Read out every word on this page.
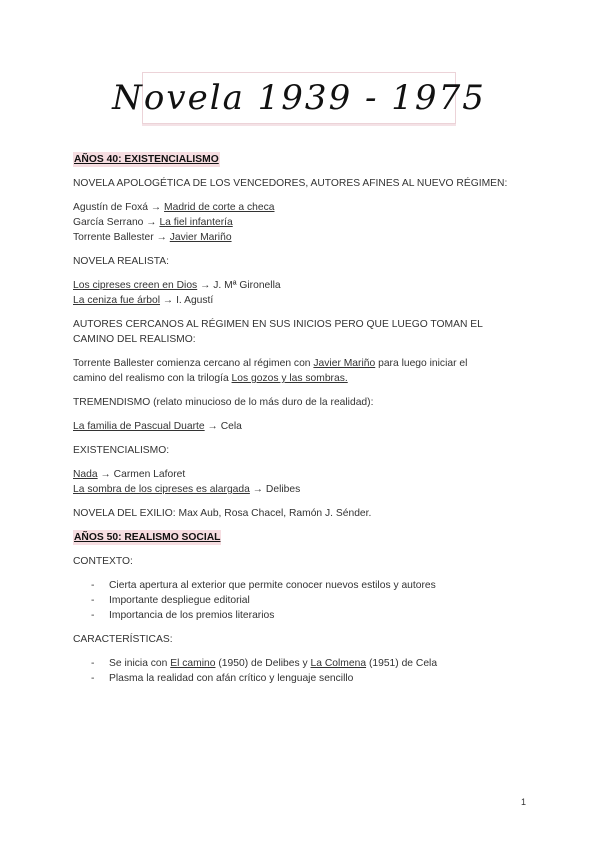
Novela 1939 - 1975

AÑOS 40: EXISTENCIALISMO

NOVELA APOLOGÉTICA DE LOS VENCEDORES, AUTORES AFINES AL NUEVO RÉGIMEN:

Agustín de Foxá → Madrid de corte a checa

García Serrano → La fiel infantería

Torrente Ballester → Javier Mariño

NOVELA REALISTA:

Los cipreses creen en Dios → J. Mª Gironella

La ceniza fue árbol → I. Agustí

AUTORES CERCANOS AL RÉGIMEN EN SUS INICIOS PERO QUE LUEGO TOMAN EL

CAMINO DEL REALISMO:

Torrente Ballester comienza cercano al régimen con Javier Mariño para luego iniciar el

camino del realismo con la trilogía Los gozos y las sombras.

TREMENDISMO (relato minucioso de lo más duro de la realidad):

La familia de Pascual Duarte → Cela

EXISTENCIALISMO:

Nada → Carmen Laforet

La sombra de los cipreses es alargada → Delibes

NOVELA DEL EXILIO: Max Aub, Rosa Chacel, Ramón J. Sénder.

AÑOS 50: REALISMO SOCIAL

CONTEXTO:

- Cierta apertura al exterior que permite conocer nuevos estilos y autores
- Importante despliegue editorial
- Importancia de los premios literarios

CARACTERÍSTICAS:

- Se inicia con El camino (1950) de Delibes y La Colmena (1951) de Cela
- Plasma la realidad con afán crítico y lenguaje sencillo
1
